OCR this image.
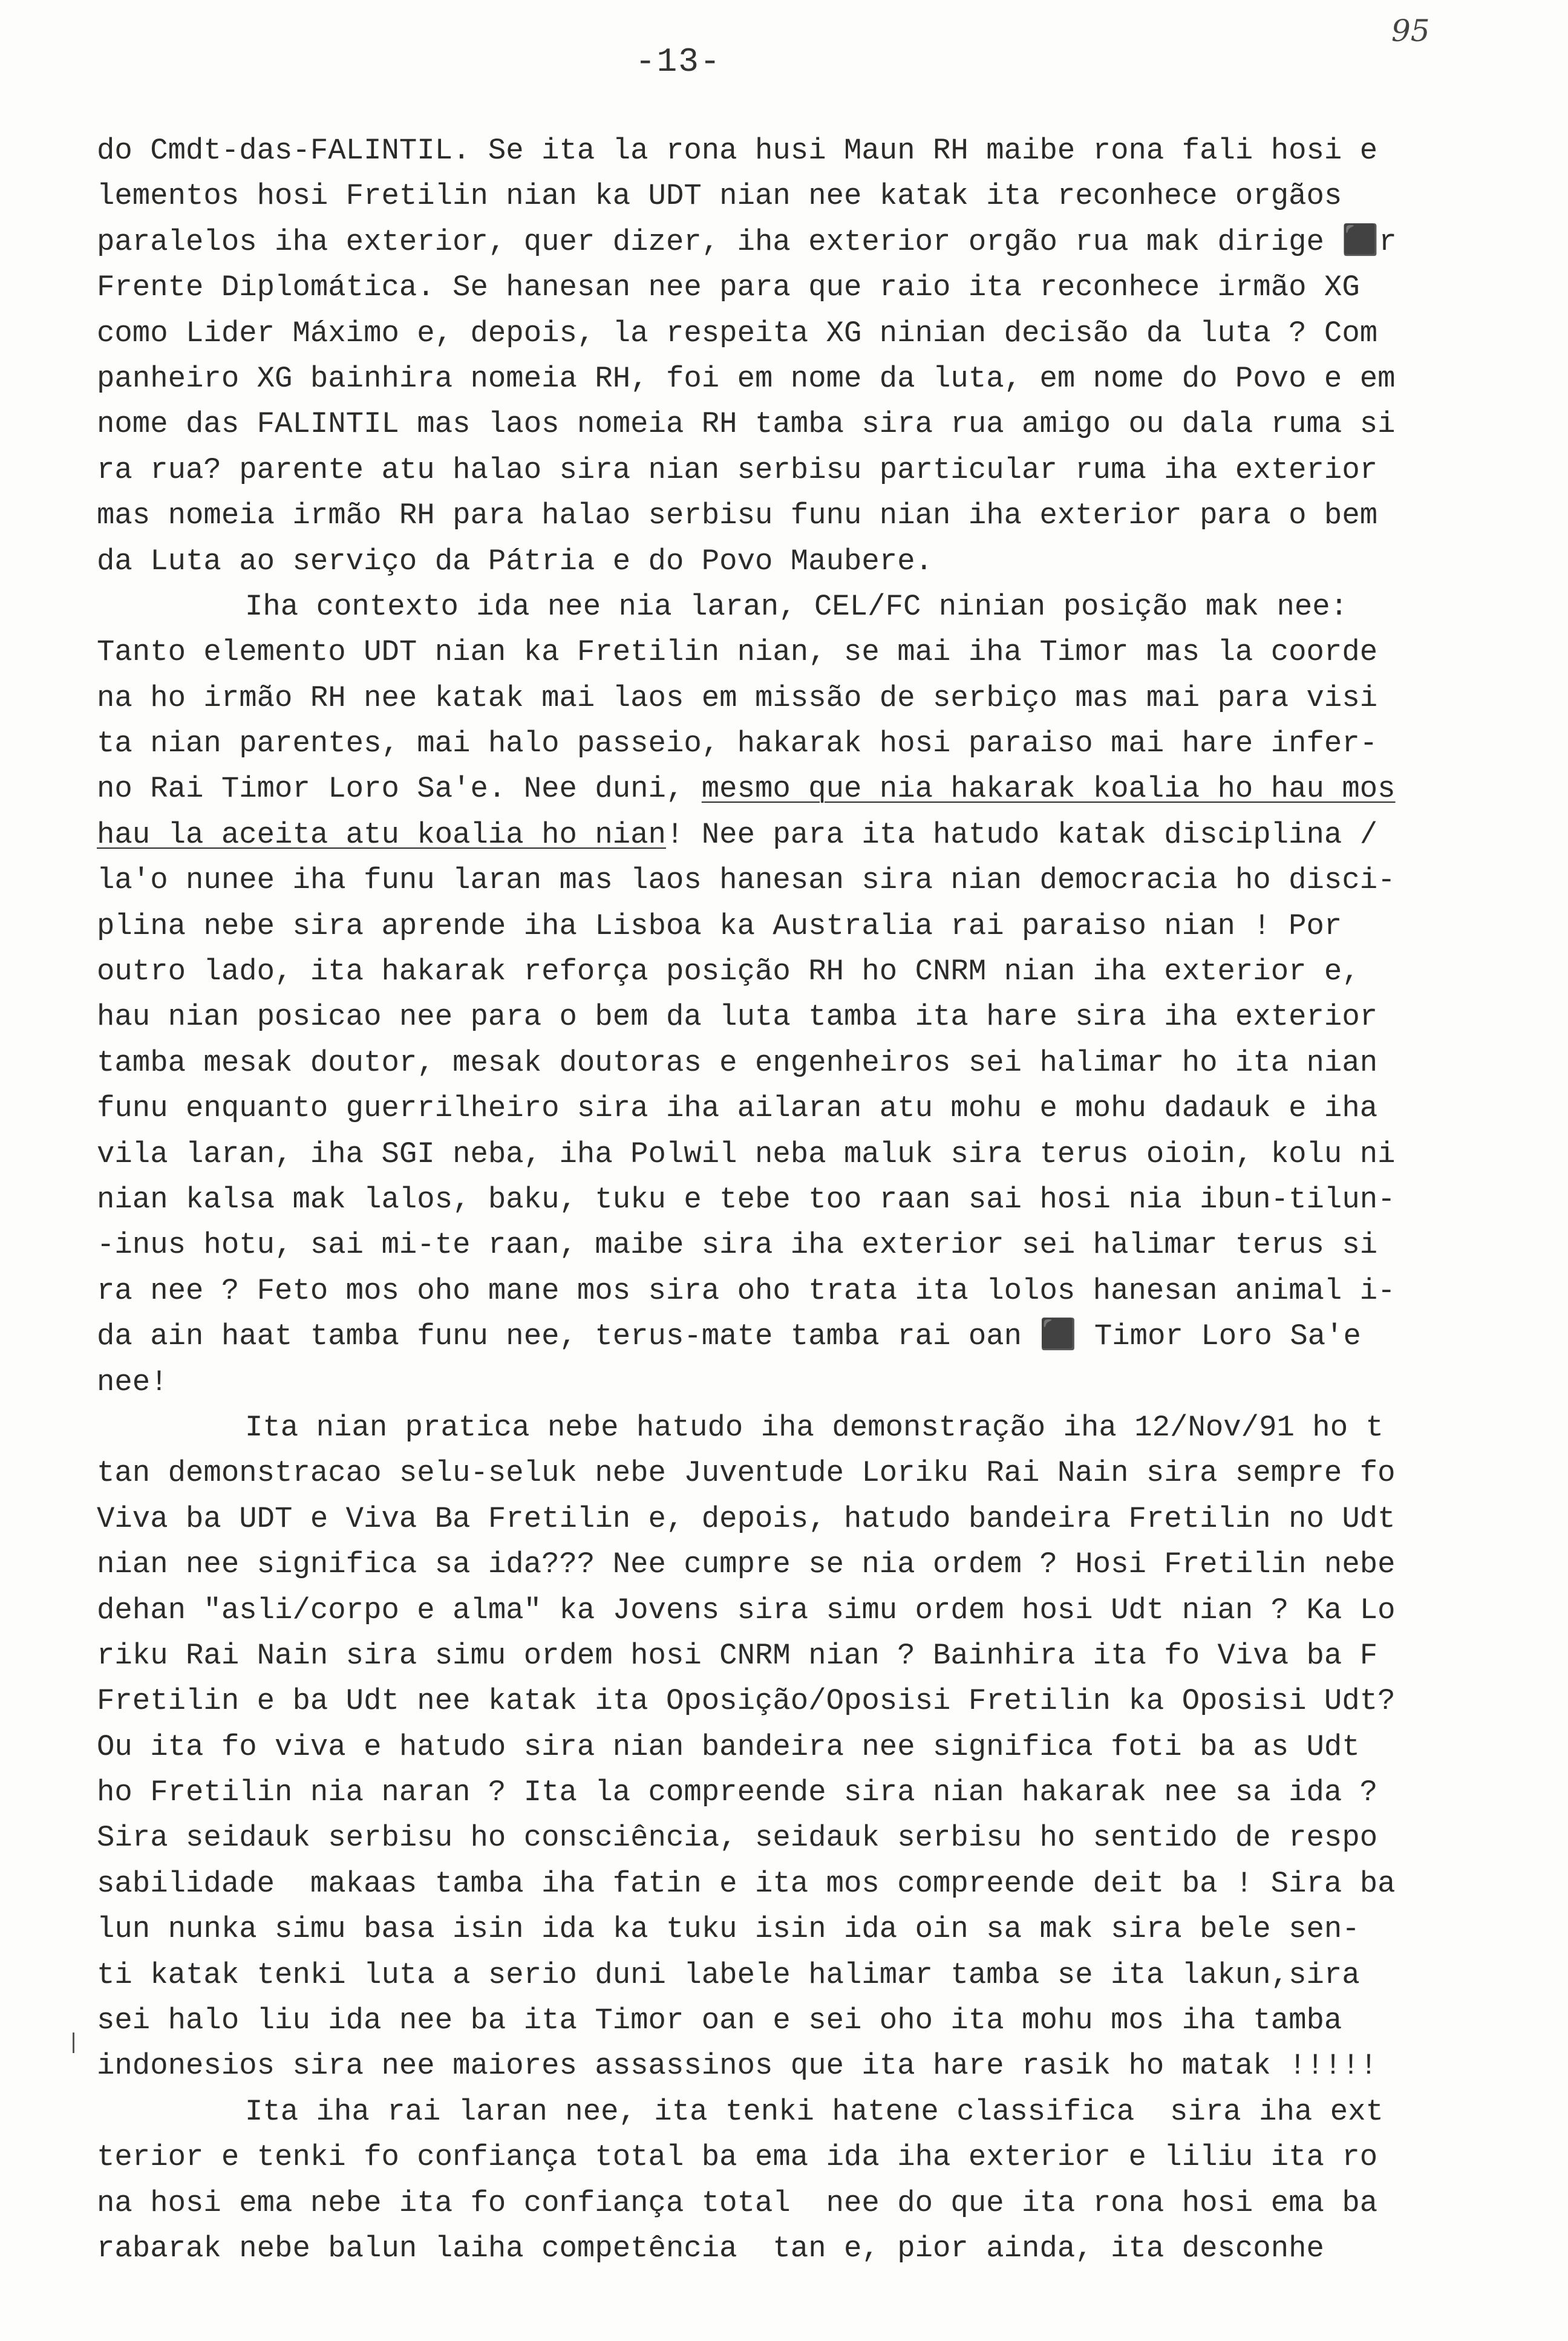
-13-
95
do Cmdt-das-FALINTIL. Se ita la rona husi Maun RH maibe rona fali hosi e
lementos hosi Fretilin nian ka UDT nian nee katak ita reconhece orgãos
paralelos iha exterior, quer dizer, iha exterior orgão rua mak dirige ⬛r
Frente Diplomática. Se hanesan nee para que raio ita reconhece irmão XG
como Lider Máximo e, depois, la respeita XG ninian decisão da luta ? Com
panheiro XG bainhira nomeia RH, foi em nome da luta, em nome do Povo e em
nome das FALINTIL mas laos nomeia RH tamba sira rua amigo ou dala ruma si
ra rua? parente atu halao sira nian serbisu particular ruma iha exterior
mas nomeia irmão RH para halao serbisu funu nian iha exterior para o bem
da Luta ao serviço da Pátria e do Povo Maubere.
Iha contexto ida nee nia laran, CEL/FC ninian posição mak nee:
Tanto elemento UDT nian ka Fretilin nian, se mai iha Timor mas la coorde
na ho irmão RH nee katak mai laos em missão de serbiço mas mai para visi
ta nian parentes, mai halo passeio, hakarak hosi paraiso mai hare infer-
no Rai Timor Loro Sa'e. Nee duni, mesmo que nia hakarak koalia ho hau mos
hau la aceita atu koalia ho nian! Nee para ita hatudo katak disciplina /
la'o nunee iha funu laran mas laos hanesan sira nian democracia ho disci-
plina nebe sira aprende iha Lisboa ka Australia rai paraiso nian ! Por
outro lado, ita hakarak reforça posição RH ho CNRM nian iha exterior e,
hau nian posicao nee para o bem da luta tamba ita hare sira iha exterior
tamba mesak doutor, mesak doutoras e engenheiros sei halimar ho ita nian
funu enquanto guerrilheiro sira iha ailaran atu mohu e mohu dadauk e iha
vila laran, iha SGI neba, iha Polwil neba maluk sira terus oioin, kolu ni
nian kalsa mak lalos, baku, tuku e tebe too raan sai hosi nia ibun-tilun-
-inus hotu, sai mi-te raan, maibe sira iha exterior sei halimar terus si
ra nee ? Feto mos oho mane mos sira oho trata ita lolos hanesan animal i-
da ain haat tamba funu nee, terus-mate tamba rai oan ⬛ Timor Loro Sa'e
nee!
Ita nian pratica nebe hatudo iha demonstração iha 12/Nov/91 ho t
tan demonstracao selu-seluk nebe Juventude Loriku Rai Nain sira sempre fo
Viva ba UDT e Viva Ba Fretilin e, depois, hatudo bandeira Fretilin no Udt
nian nee significa sa ida??? Nee cumpre se nia ordem ? Hosi Fretilin nebe
dehan "asli/corpo e alma" ka Jovens sira simu ordem hosi Udt nian ? Ka Lo
riku Rai Nain sira simu ordem hosi CNRM nian ? Bainhira ita fo Viva ba F
Fretilin e ba Udt nee katak ita Oposição/Oposisi Fretilin ka Oposisi Udt?
Ou ita fo viva e hatudo sira nian bandeira nee significa foti ba as Udt
ho Fretilin nia naran ? Ita la compreende sira nian hakarak nee sa ida ?
Sira seidauk serbisu ho consciência, seidauk serbisu ho sentido de respo
sabilidade  makaas tamba iha fatin e ita mos compreende deit ba ! Sira ba
lun nunka simu basa isin ida ka tuku isin ida oin sa mak sira bele sen-
ti katak tenki luta a serio duni labele halimar tamba se ita lakun,sira
sei halo liu ida nee ba ita Timor oan e sei oho ita mohu mos iha tamba
indonesios sira nee maiores assassinos que ita hare rasik ho matak !!!!!
Ita iha rai laran nee, ita tenki hatene classifica  sira iha ext
terior e tenki fo confiança total ba ema ida iha exterior e liliu ita ro
na hosi ema nebe ita fo confiança total  nee do que ita rona hosi ema ba
rabarak nebe balun laiha competência  tan e, pior ainda, ita desconhe
